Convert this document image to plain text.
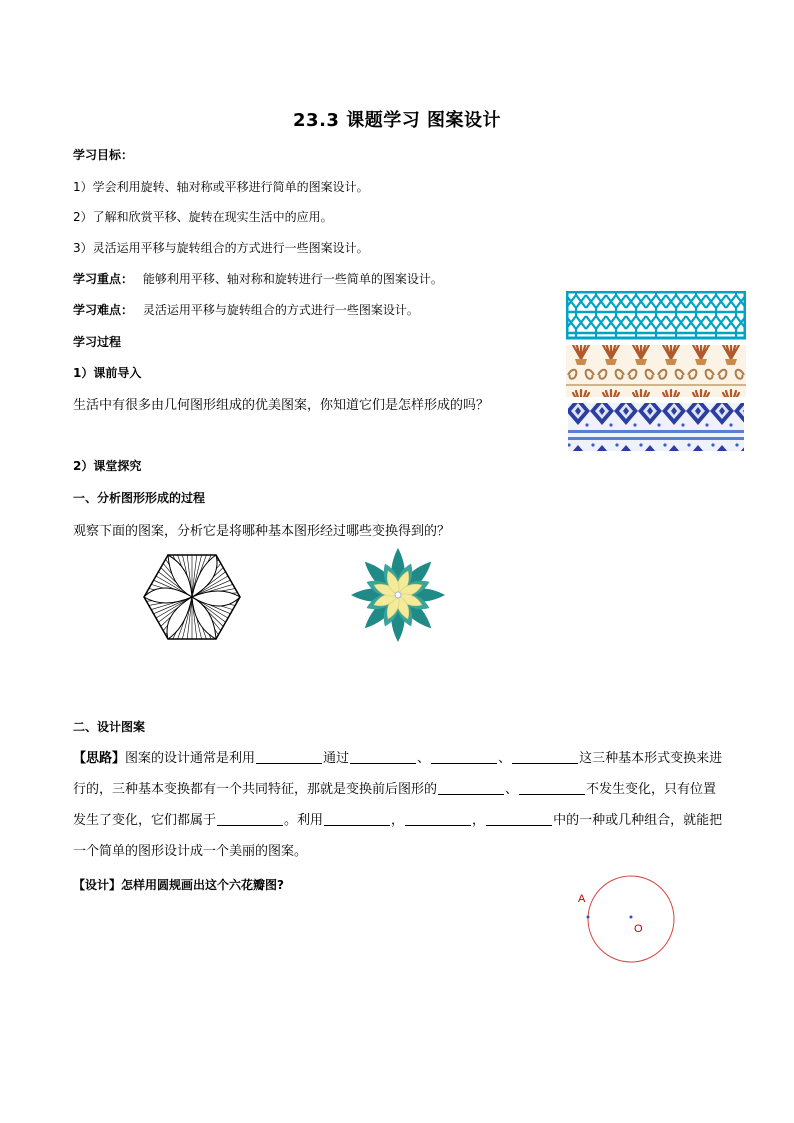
23.3 课题学习 图案设计
学习目标：
1）学会利用旋转、轴对称或平移进行简单的图案设计。
2）了解和欣赏平移、旋转在现实生活中的应用。
3）灵活运用平移与旋转组合的方式进行一些图案设计。
学习重点： 能够利用平移、轴对称和旋转进行一些简单的图案设计。
学习难点： 灵活运用平移与旋转组合的方式进行一些图案设计。
学习过程
1）课前导入
生活中有很多由几何图形组成的优美图案，你知道它们是怎样形成的吗？
2）课堂探究
一、分析图形形成的过程
观察下面的图案，分析它是将哪种基本图形经过哪些变换得到的？
二、设计图案
【思路】图案的设计通常是利用	通过	、	、	这三种基本形式变换来进行的，三种基本变换都有一个共同特征，那就是变换前后图形的	、	不发生变化，只有位置发生了变化，它们都属于	。利用	，	，	中的一种或几种组合，就能把一个简单的图形设计成一个美丽的图案。
【设计】怎样用圆规画出这个六花瓣图?
A
O
